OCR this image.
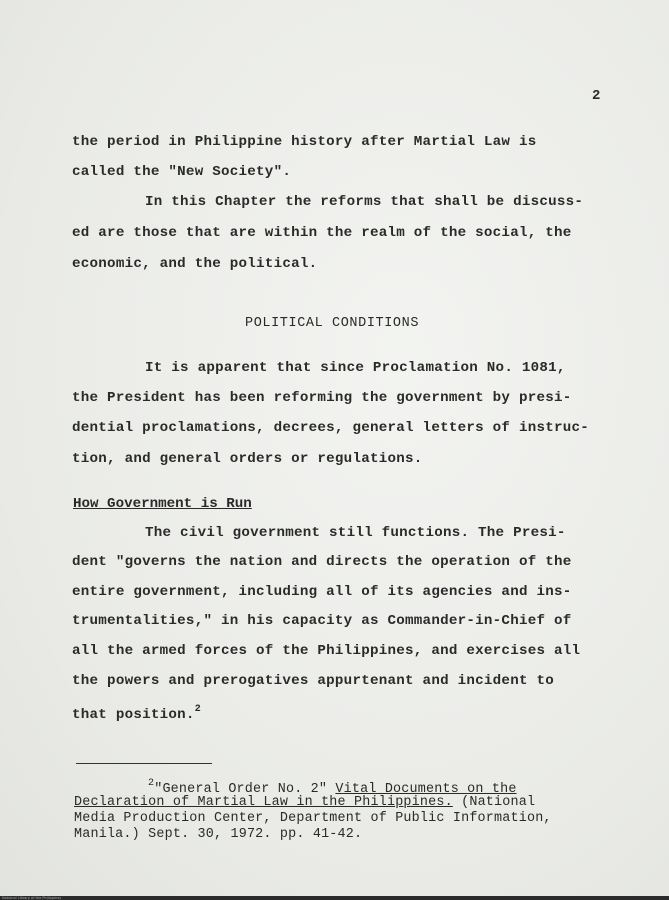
2
the period in Philippine history after Martial Law is
called the "New Society".
In this Chapter the reforms that shall be discuss-
ed are those that are within the realm of the social, the
economic, and the political.
POLITICAL CONDITIONS
It is apparent that since Proclamation No. 1081,
the President has been reforming the government by presi-
dential proclamations, decrees, general letters of instruc-
tion, and general orders or regulations.
How Government is Run
The civil government still functions. The Presi-
dent "governs the nation and directs the operation of the
entire government, including all of its agencies and ins-
trumentalities," in his capacity as Commander-in-Chief of
all the armed forces of the Philippines, and exercises all
the powers and prerogatives appurtenant and incident to
that position.$^2$
$^2$"General Order No. 2" Vital Documents on the
Declaration of Martial Law in the Philippines. (National
Media Production Center, Department of Public Information,
Manila.) Sept. 30, 1972. pp. 41-42.
National Library of the Philippines
